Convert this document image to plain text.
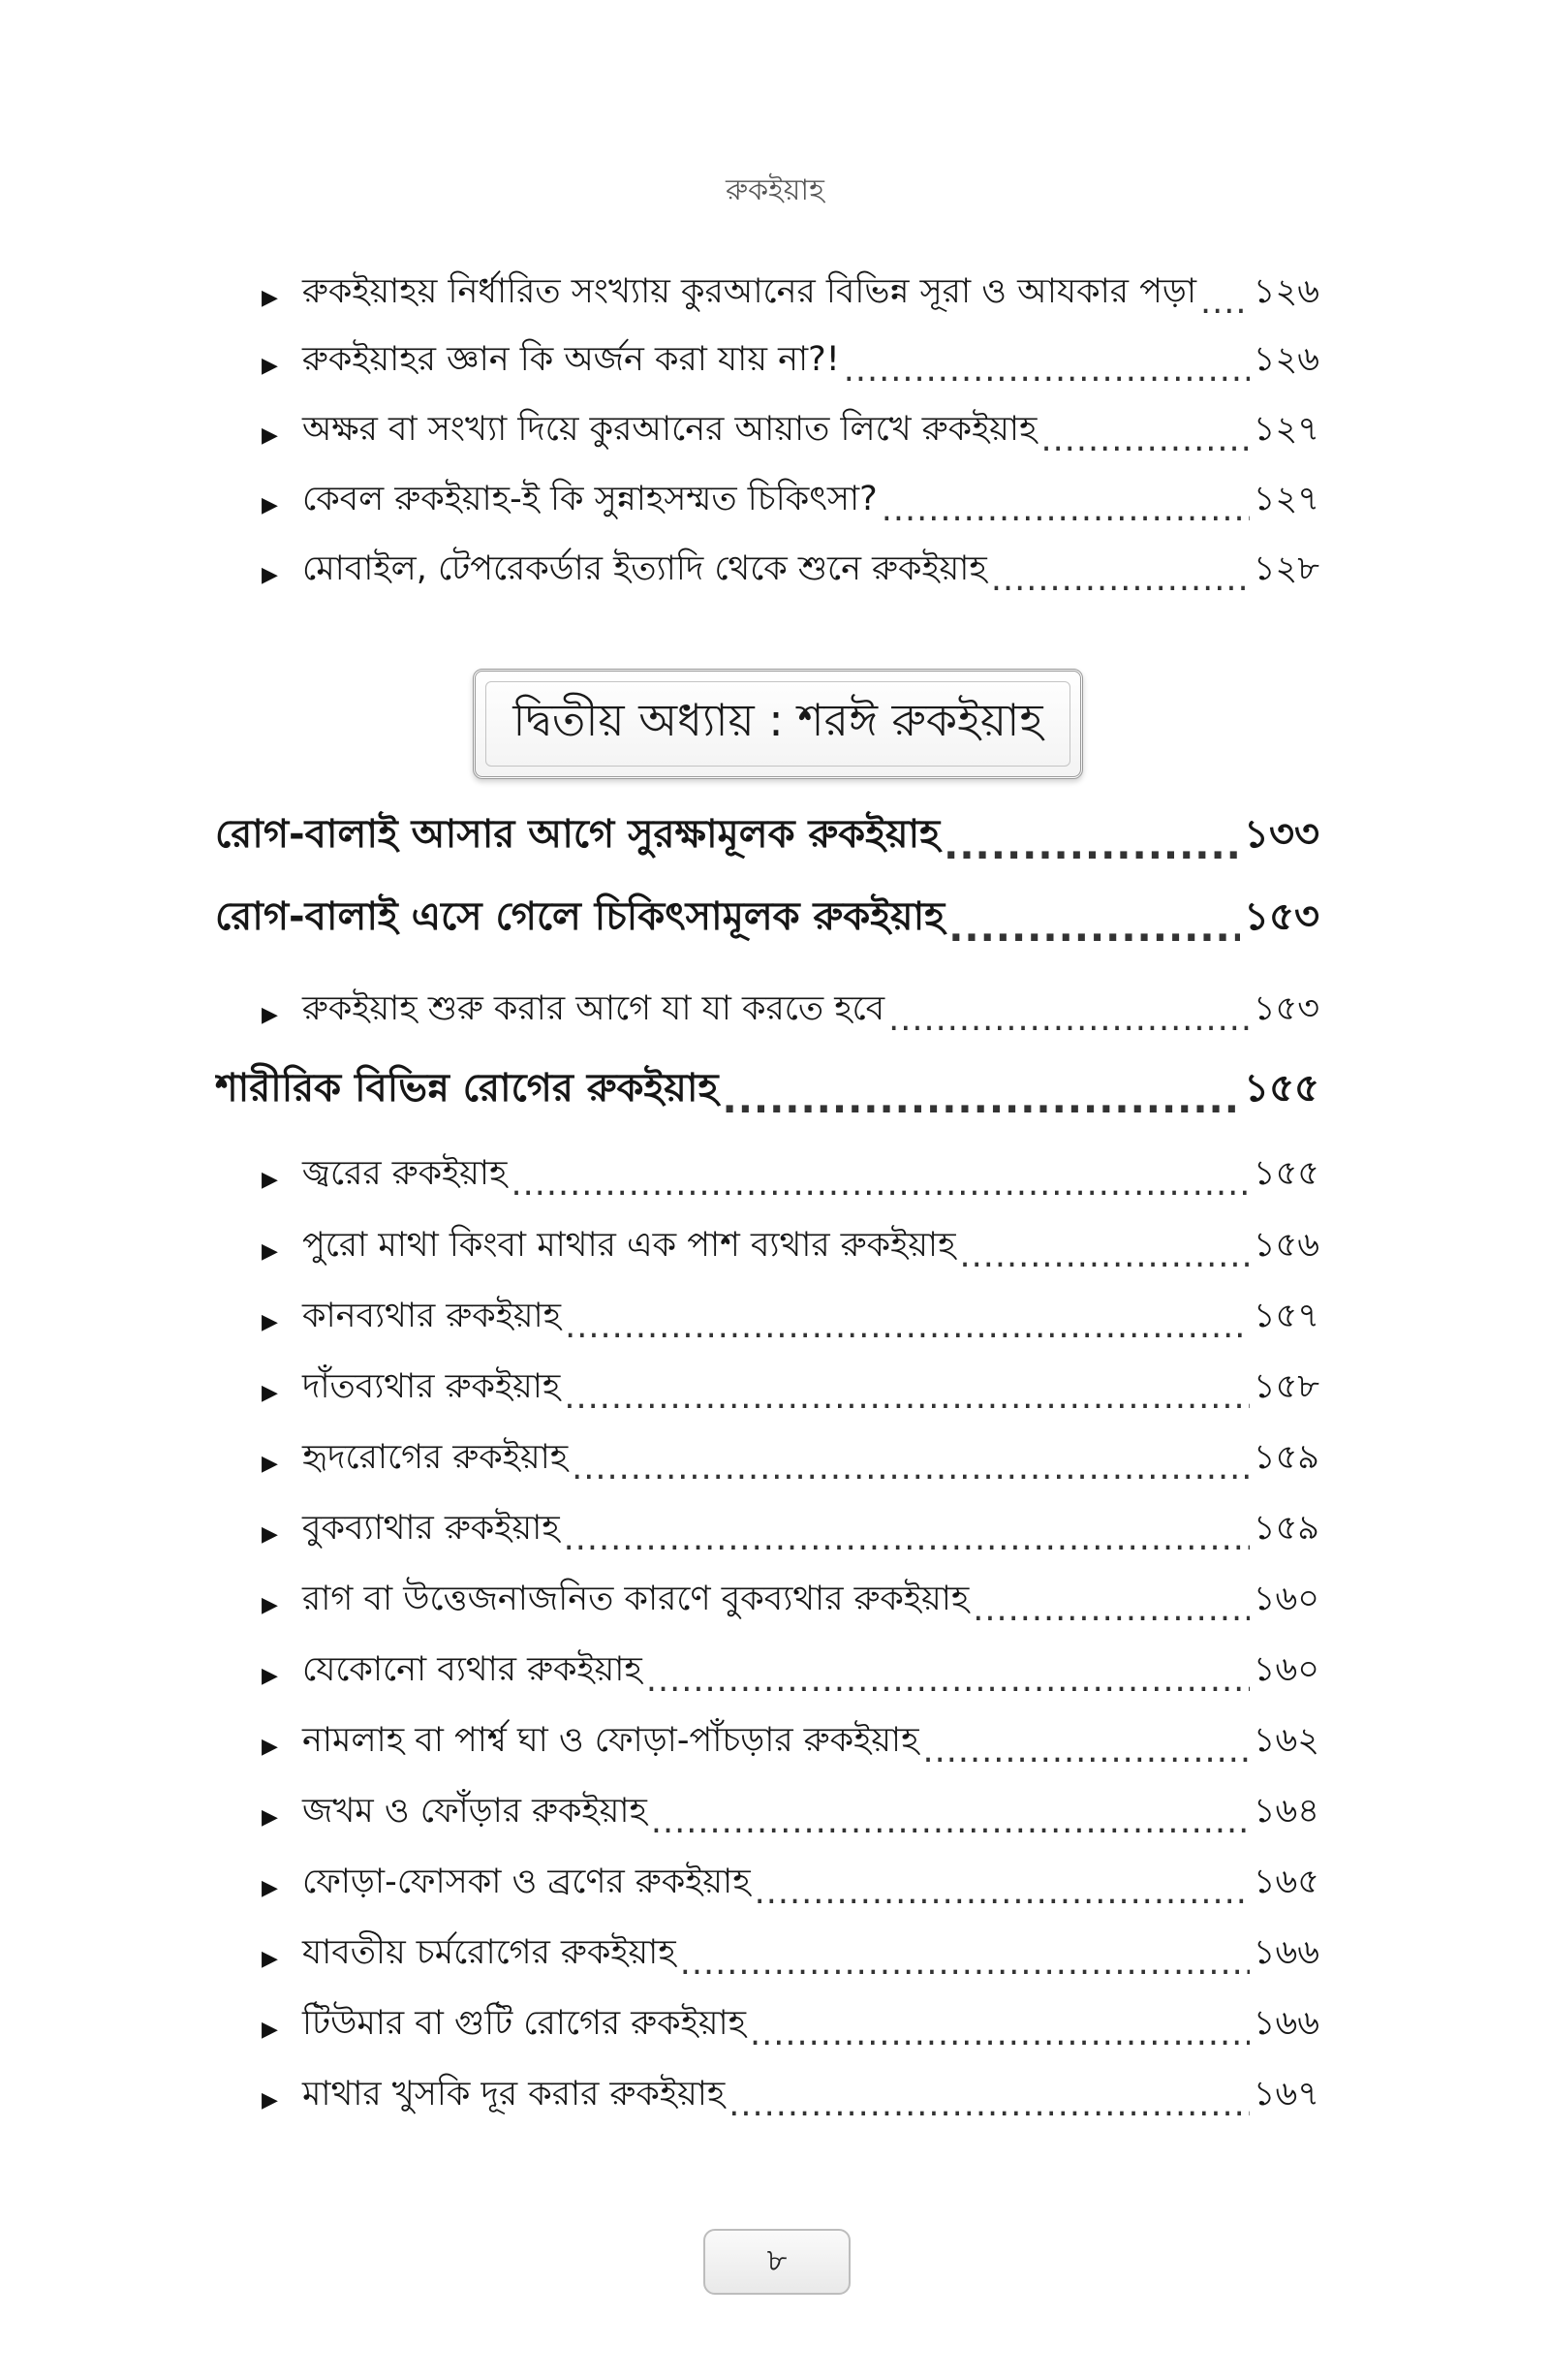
রুকইয়াহ
▶ রুকইয়াহয় নির্ধারিত সংখ্যায় কুরআনের বিভিন্ন সূরা ও আযকার পড়া ..... ১২৬
▶ রুকইয়াহর জ্ঞান কি অর্জন করা যায় না?! .....	১২৬
▶ অক্ষর বা সংখ্যা দিয়ে কুরআনের আয়াত লিখে রুকইয়াহ .....	১২৭
▶ কেবল রুকইয়াহ-ই কি সুন্নাহসম্মত চিকিৎসা? .....	১২৭
▶ মোবাইল, টেপরেকর্ডার ইত্যাদি থেকে শুনে রুকইয়াহ .....	১২৮
রোগ-বালাই আসার আগে সুরক্ষামূলক রুকইয়াহ .....	১৩৩
রোগ-বালাই এসে গেলে চিকিৎসামূলক রুকইয়াহ .....	১৫৩
▶ রুকইয়াহ শুরু করার আগে যা যা করতে হবে .....	১৫৩
শারীরিক বিভিন্ন রোগের রুকইয়াহ .....	১৫৫
▶ জ্বরের রুকইয়াহ .....	১৫৫
▶ পুরো মাথা কিংবা মাথার এক পাশ ব্যথার রুকইয়াহ .....	১৫৬
▶ কানব্যথার রুকইয়াহ .....	১৫৭
▶ দাঁতব্যথার রুকইয়াহ .....	১৫৮
▶ হৃদরোগের রুকইয়াহ .....	১৫৯
▶ বুকব্যাথার রুকইয়াহ .....	১৫৯
▶ রাগ বা উত্তেজনাজনিত কারণে বুকব্যথার রুকইয়াহ .....	১৬০
▶ যেকোনো ব্যথার রুকইয়াহ .....	১৬০
▶ নামলাহ বা পার্শ্ব ঘা ও ফোড়া-পাঁচড়ার রুকইয়াহ .....	১৬২
▶ জখম ও ফোঁড়ার রুকইয়াহ .....	১৬৪
▶ ফোড়া-ফোসকা ও ব্রণের রুকইয়াহ .....	১৬৫
▶ যাবতীয় চর্মরোগের রুকইয়াহ .....	১৬৬
▶ টিউমার বা গুটি রোগের রুকইয়াহ .....	১৬৬
▶ মাথার খুসকি দূর করার রুকইয়াহ .....	১৬৭
দ্বিতীয় অধ্যায় : শরঈ রুকইয়াহ
৮
